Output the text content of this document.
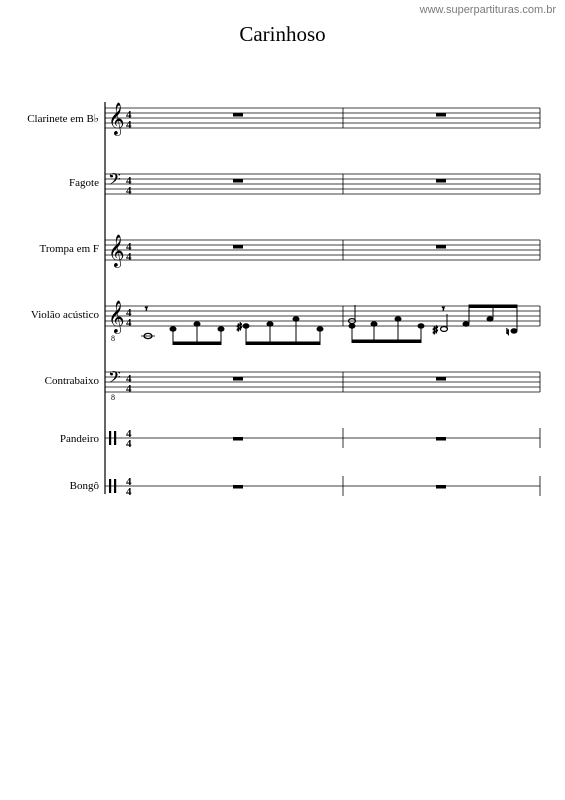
www.superpartituras.com.br
Carinhoso
Clarinete em B♭
Fagote
Trompa em F
Violão acústico
Contrabaixo
Pandeiro
Bongô
𝄞 4
4
𝄢 4
4
𝄞 4
4
𝄞
8
4
4
𝄾
♯	♯
𝄾
♮
𝄢
8
4
4
4
4
4
4
